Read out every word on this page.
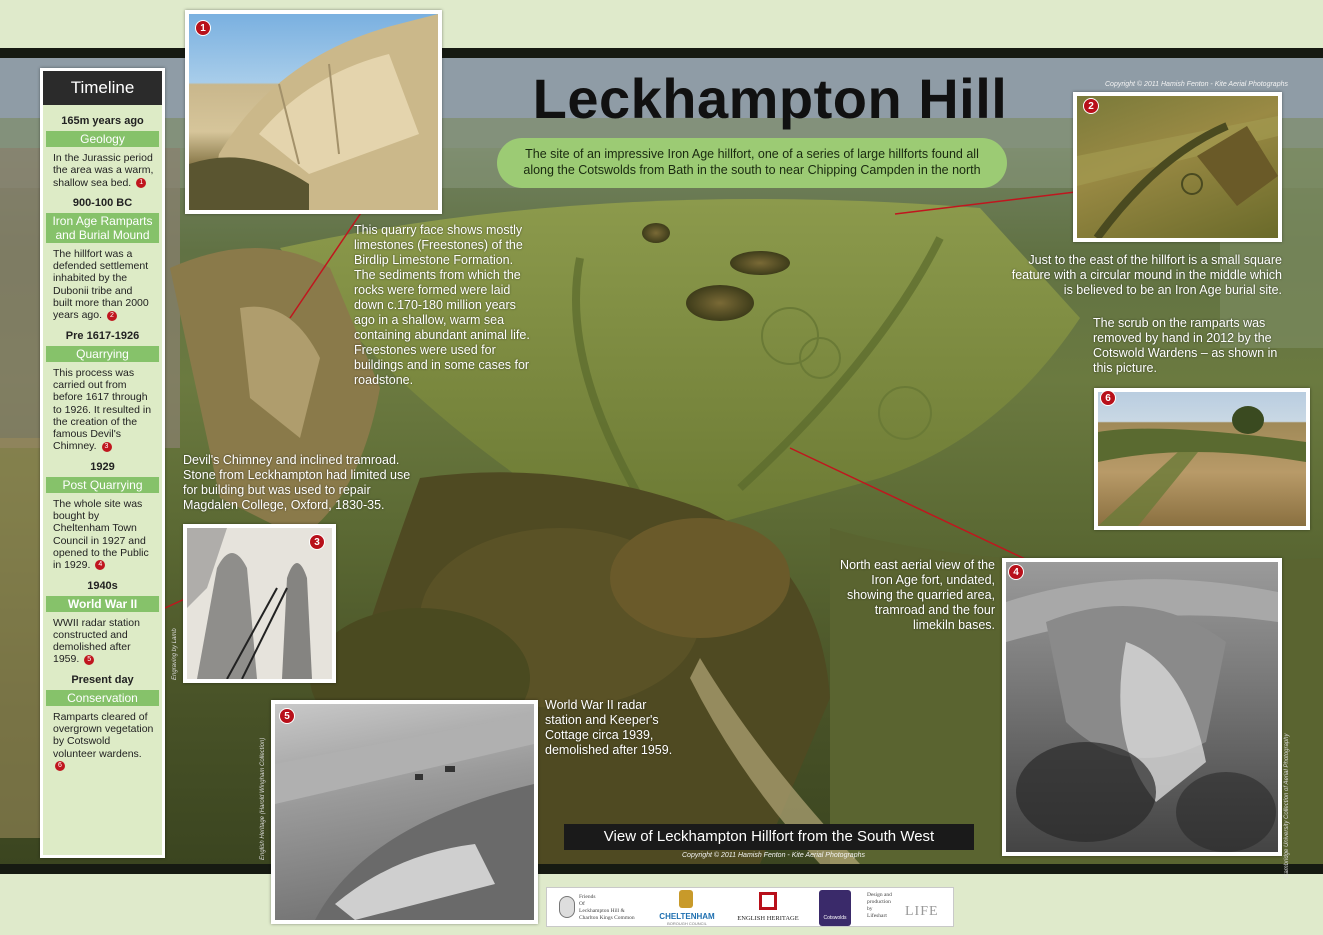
Leckhampton Hill
The site of an impressive Iron Age hillfort, one of a series of large hillforts found all along the Cotswolds from Bath in the south to near Chipping Campden in the north
Copyright © 2011 Hamish Fenton - Kite Aerial Photographs
Copyright © 2011 Hamish Fenton - Kite Aerial Photographs
Timeline
165m years ago
Geology
In the Jurassic period the area was a warm, shallow sea bed. 1
900-100 BC
Iron Age Ramparts and Burial Mound
The hillfort was a defended settlement inhabited by the Dubonii tribe and built more than 2000 years ago. 2
Pre 1617-1926
Quarrying
This process was carried out from before 1617 through to 1926. It resulted in the creation of the famous Devil's Chimney. 3
1929
Post Quarrying
The whole site was bought by Cheltenham Town Council in 1927 and opened to the Public in 1929. 4
1940s
World War II
WWII radar station constructed and demolished after 1959. 5
Present day
Conservation
Ramparts cleared of overgrown vegetation by Cotswold volunteer wardens. 6
1
2
6
3
Engraving by Lamb
5
English Heritage (Harold Wingham Collection)
4
Cambridge University Collection of Aerial Photography
This quarry face shows mostly limestones (Freestones) of the Birdlip Limestone Formation. The sediments from which the rocks were formed were laid down c.170-180 million years ago in a shallow, warm sea containing abundant animal life. Freestones were used for buildings and in some cases for roadstone.
Devil's Chimney and inclined tramroad. Stone from Leckhampton had limited use for building but was used to repair Magdalen College, Oxford, 1830-35.
Just to the east of the hillfort is a small square feature with a circular mound in the middle which is believed to be an Iron Age burial site.
The scrub on the ramparts was removed by hand in 2012 by the Cotswold Wardens – as shown in this picture.
North east aerial view of the Iron Age fort, undated, showing the quarried area, tramroad and the four limekiln bases.
World War II radar station and Keeper's Cottage circa 1939, demolished after 1959.
View of Leckhampton Hillfort from the South West
Friends
Of
Leckhampton Hill &
Charlton Kings Common	CHELTENHAM
BOROUGH COUNCIL
ENGLISH HERITAGE	Cotswolds
Design and
production
by
Lifeshart	LIFE
